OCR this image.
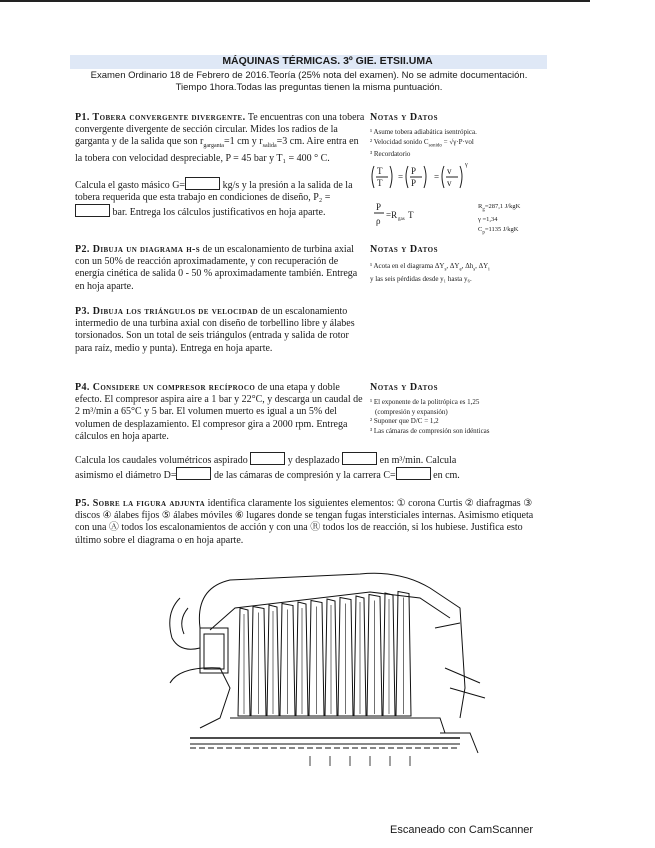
MÁQUINAS TÉRMICAS. 3º GIE. ETSII.UMA
Examen Ordinario 18 de Febrero de 2016.Teoría (25% nota del examen). No se admite documentación.
Tiempo 1hora.Todas las preguntas tienen la misma puntuación.
P1. Tobera convergente divergente. Te encuentras con una tobera convergente divergente de sección circular. Mides los radios de la garganta y de la salida que son $r_{garganta}=1$ cm y $r_{salida}=3$ cm. Aire entra en la tobera con velocidad despreciable, P = 45 bar y T₁ = 400 ° C.
Calcula el gasto másico G=	kg/s y la presión a la salida de la tobera requerida que esta trabajo en condiciones de diseño, P₂ = bar. Entrega los cálculos justificativos en hoja aparte.
Notas y Datos
¹ Asume tobera adiabática isentrópica.
² Velocidad sonido $C_{sonido} = √\gamma\cdot P\cdot vol$
³ Recordatorio
T
T
=
P
P
=
v
v
γ
P
ρ
=R gas T
$R_g=287,1$ J/kgK
γ =1,34
$C_p=1135$ J/kgK
P2. Dibuja un diagrama h-s de un escalonamiento de turbina axial con un 50% de reacción aproximadamente, y con recuperación de energía cinética de salida 0 - 50 % aproximadamente también. Entrega en hoja aparte.
Notas y Datos
¹ Acota en el diagrama $\Delta Y_s$, $\Delta Y_e$, $\Delta h_s$, $\Delta Y_i$
y las seis pérdidas desde y₁ hasta y₆.
P3. Dibuja los triángulos de velocidad de un escalonamiento intermedio de una turbina axial con diseño de torbellino libre y álabes torsionados. Son un total de seis triángulos (entrada y salida de rotor para raíz, medio y punta). Entrega en hoja aparte.
P4. Considere un compresor recíproco de una etapa y doble efecto. El compresor aspira aire a 1 bar y 22°C, y descarga un caudal de 2 m³/min a 65°C y 5 bar. El volumen muerto es igual a un 5% del volumen de desplazamiento. El compresor gira a 2000 rpm. Entrega cálculos en hoja aparte.
Notas y Datos
¹ El exponente de la politrópica es 1,25
(compresión y expansión)
² Suponer que D/C = 1,2
³ Las cámaras de compresión son idénticas
Calcula los caudales volumétricos aspirado	y desplazado	en m³/min. Calcula
asimismo el diámetro D=	de las cámaras de compresión y la carrera C=	en cm.
P5. Sobre la figura adjunta identifica claramente los siguientes elementos: ① corona Curtis ② diafragmas ③ discos ④ álabes fijos ⑤ álabes móviles ⑥ lugares donde se tengan fugas intersticiales internas. Asimismo etiqueta con una Ⓐ todos los escalonamientos de acción y con una Ⓡ todos los de reacción, si los hubiese. Justifica esto último sobre el diagrama o en hoja aparte.
Escaneado con CamScanner
